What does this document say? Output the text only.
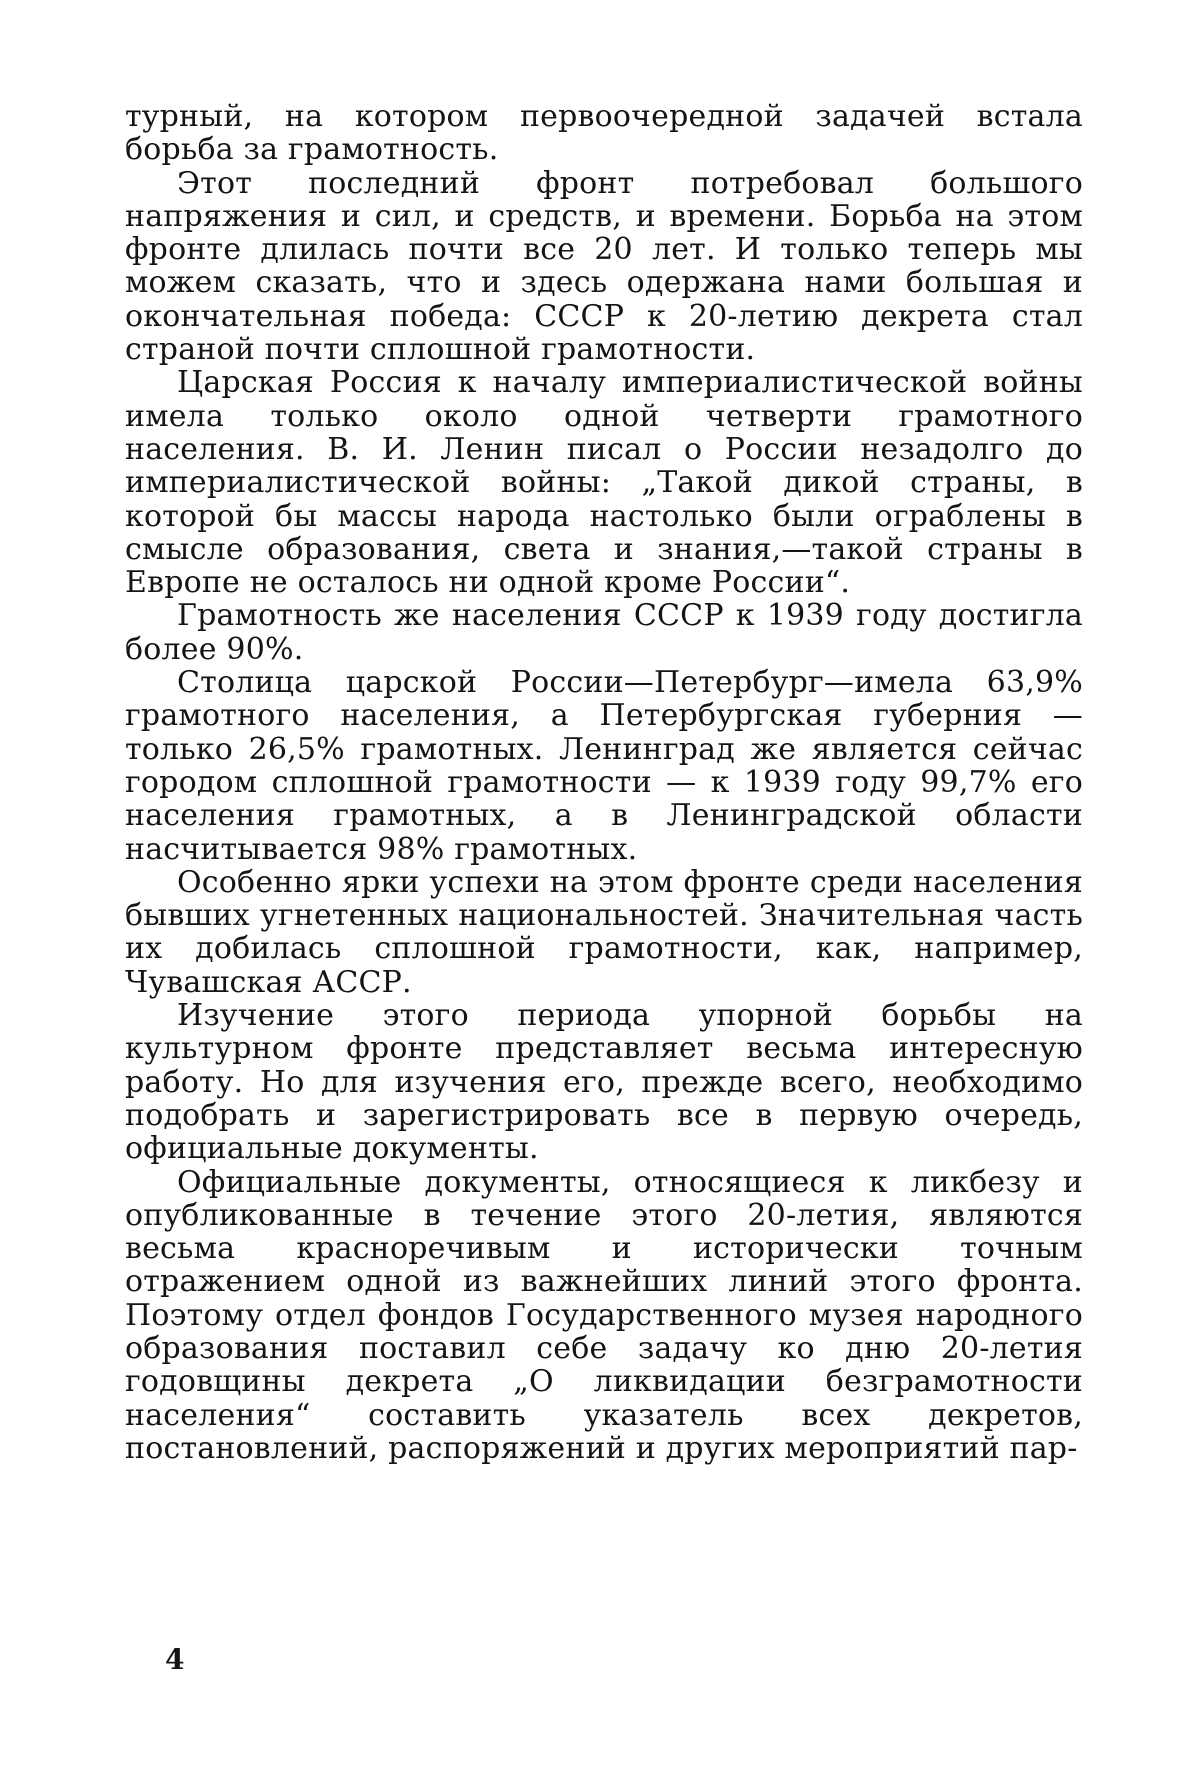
турный, на котором первоочередной задачей встала борьба за грамотность.

Этот последний фронт потребовал большого напряжения и сил, и средств, и времени. Борьба на этом фронте длилась почти все 20 лет. И только теперь мы можем сказать, что и здесь одержана нами большая и окончательная победа: СССР к 20-летию декрета стал страной почти сплошной грамотности.

Царская Россия к началу империалистической войны имела только около одной четверти грамотного населения. В. И. Ленин писал о России незадолго до империалистической войны: „Такой дикой страны, в которой бы массы народа настолько были ограблены в смысле образования, света и знания,—такой страны в Европе не осталось ни одной кроме России“.

Грамотность же населения СССР к 1939 году достигла более 90%.

Столица царской России—Петербург—имела 63,9% грамотного населения, а Петербургская губерния — только 26,5% грамотных. Ленинград же является сейчас городом сплошной грамотности — к 1939 году 99,7% его населения грамотных, а в Ленинградской области насчитывается 98% грамотных.

Особенно ярки успехи на этом фронте среди населения бывших угнетенных национальностей. Значительная часть их добилась сплошной грамотности, как, например, Чувашская АССР.

Изучение этого периода упорной борьбы на культурном фронте представляет весьма интересную работу. Но для изучения его, прежде всего, необходимо подобрать и зарегистрировать все в первую очередь, официальные документы.

Официальные документы, относящиеся к ликбезу и опубликованные в течение этого 20-летия, являются весьма красноречивым и исторически точным отражением одной из важнейших линий этого фронта. Поэтому отдел фондов Государственного музея народного образования поставил себе задачу ко дню 20-летия годовщины декрета „О ликвидации безграмотности населения“ составить указатель всех декретов, постановлений, распоряжений и других мероприятий пар-

4
